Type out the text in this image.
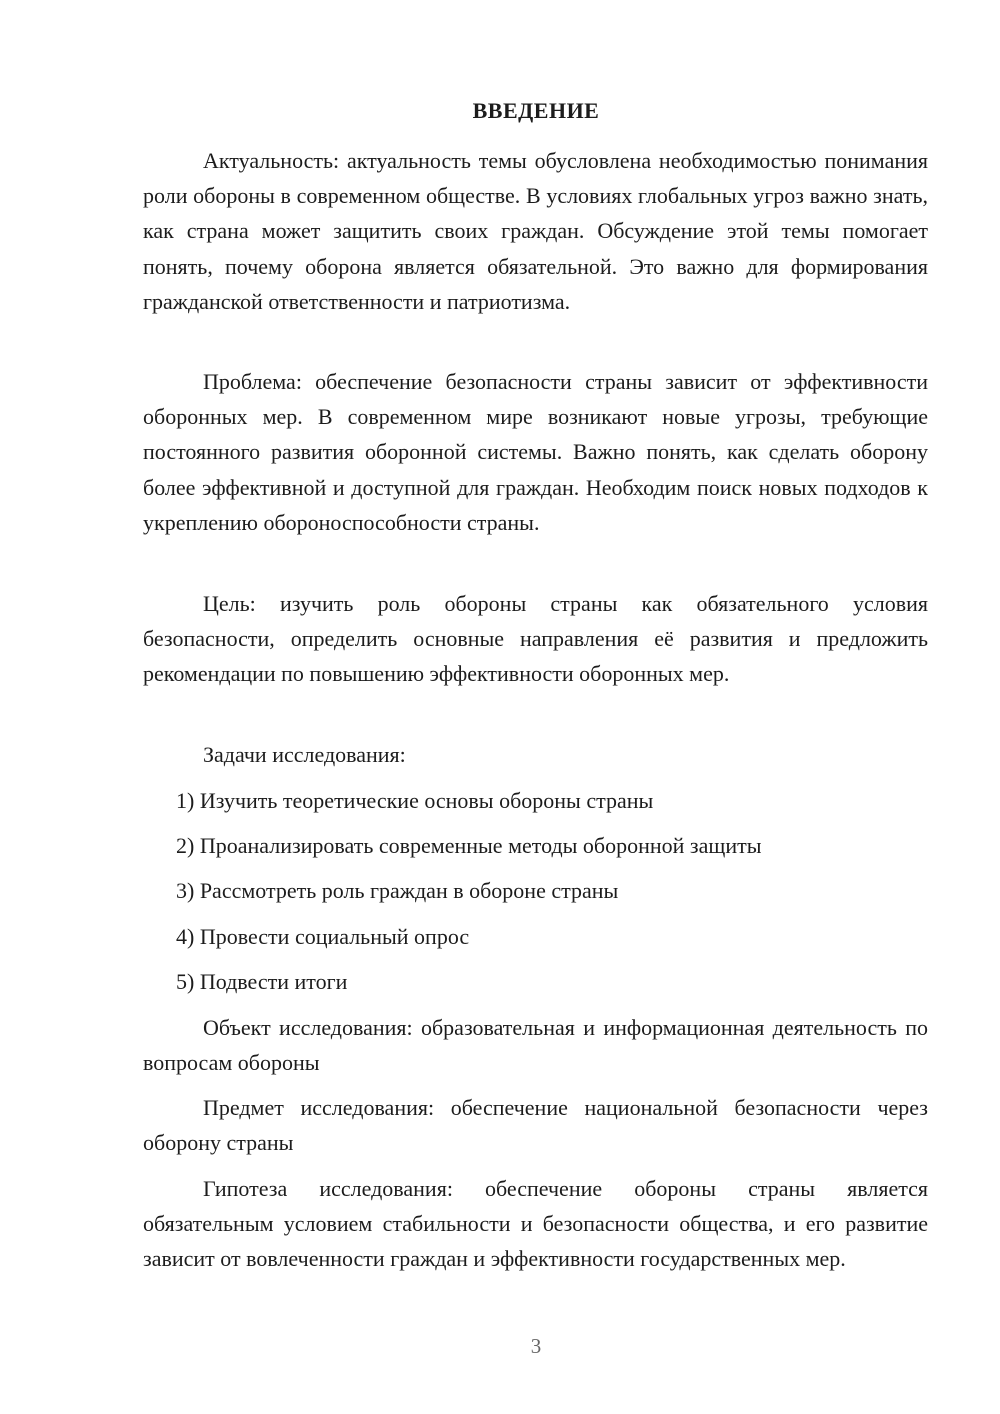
ВВЕДЕНИЕ

Актуальность: актуальность темы обусловлена необходимостью понимания роли обороны в современном обществе. В условиях глобальных угроз важно знать, как страна может защитить своих граждан. Обсуждение этой темы помогает понять, почему оборона является обязательной. Это важно для формирования гражданской ответственности и патриотизма.

Проблема: обеспечение безопасности страны зависит от эффективности оборонных мер. В современном мире возникают новые угрозы, требующие постоянного развития оборонной системы. Важно понять, как сделать оборону более эффективной и доступной для граждан. Необходим поиск новых подходов к укреплению обороноспособности страны.

Цель: изучить роль обороны страны как обязательного условия безопасности, определить основные направления её развития и предложить рекомендации по повышению эффективности оборонных мер.

Задачи исследования:

1) Изучить теоретические основы обороны страны
2) Проанализировать современные методы оборонной защиты
3) Рассмотреть роль граждан в обороне страны
4) Провести социальный опрос
5) Подвести итоги

Объект исследования: образовательная и информационная деятельность по вопросам обороны

Предмет исследования: обеспечение национальной безопасности через оборону страны

Гипотеза исследования: обеспечение обороны страны является обязательным условием стабильности и безопасности общества, и его развитие зависит от вовлеченности граждан и эффективности государственных мер.

3
